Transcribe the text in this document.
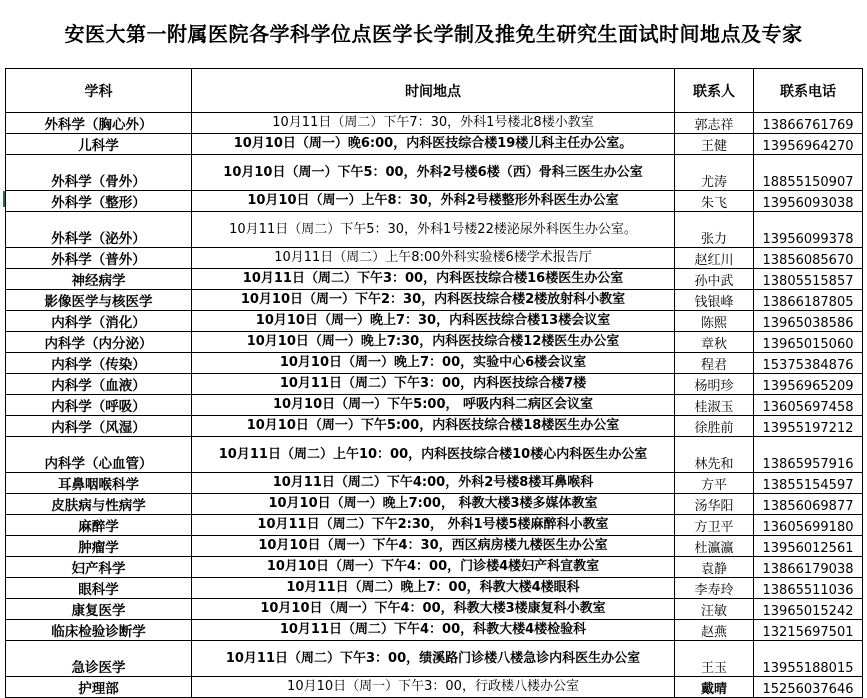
安医大第一附属医院各学科学位点医学长学制及推免生研究生面试时间地点及专家
学科	时间地点	联系人	联系电话
外科学（胸心外）	10月11日（周二）下午7：30，外科1号楼北8楼小教室	郭志祥	13866761769
儿科学	10月10日（周一）晚6:00，内科医技综合楼19楼儿科主任办公室。	王健	13956964270
外科学（骨外）	10月10日（周一）下午5：00，外科2号楼6楼（西）骨科三医生办公室	尤涛	18855150907
外科学（整形）	10月10日（周一）上午8：30，外科2号楼整形外科医生办公室	朱飞	13956093038
外科学（泌外）	10月11日（周二）下午5：30，外科1号楼22楼泌尿外科医生办公室。	张力	13956099378
外科学（普外）	10月11日（周二）上午8:00外科实验楼6楼学术报告厅	赵红川	13856085670
神经病学	10月11日（周二）下午3：00，内科医技综合楼16楼医生办公室	孙中武	13805515857
影像医学与核医学	10月10日（周一）下午2：30，内科医技综合楼2楼放射科小教室	钱银峰	13866187805
内科学（消化）	10月10日（周一）晚上7：30，内科医技综合楼13楼会议室	陈熙	13965038586
内科学（内分泌）	10月10日（周一）晚上7:30，内科医技综合楼12楼医生办公室	章秋	13965015060
内科学（传染）	10月10日（周一）晚上7：00，实验中心6楼会议室	程君	15375384876
内科学（血液）	10月11日（周二）下午3：00，内科医技综合楼7楼	杨明珍	13956965209
内科学（呼吸）	10月10日（周一）下午5:00， 呼吸内科二病区会议室	桂淑玉	13605697458
内科学（风湿）	10月10日（周一）下午5:00，内科医技综合楼18楼医生办公室	徐胜前	13955197212
内科学（心血管）	10月11日（周二）上午10：00，内科医技综合楼10楼心内科医生办公室	林先和	13865957916
耳鼻咽喉科学	10月11日（周二）下午4:00，外科2号楼8楼耳鼻喉科	方平	13855154597
皮肤病与性病学	10月10日（周一）晚上7:00， 科教大楼3楼多媒体教室	汤华阳	13856069877
麻醉学	10月11日（周二）下午2:30， 外科1号楼5楼麻醉科小教室	方卫平	13605699180
肿瘤学	10月10日（周一）下午4：30，西区病房楼九楼医生办公室	杜瀛瀛	13956012561
妇产科学	10月10日（周一）下午4：00，门诊楼4楼妇产科宣教室	袁静	13866179038
眼科学	10月11日（周二）晚上7：00，科教大楼4楼眼科	李寿玲	13865511036
康复医学	10月10日（周一）下午4：00，科教大楼3楼康复科小教室	汪敏	13965015242
临床检验诊断学	10月11日（周二）下午4：00，科教大楼4楼检验科	赵燕	13215697501
急诊医学	10月11日（周二）下午3：00，绩溪路门诊楼八楼急诊内科医生办公室	王玉	13955188015
护理部	10月10日（周一）下午3：00，行政楼八楼办公室	戴晴	15256037646
